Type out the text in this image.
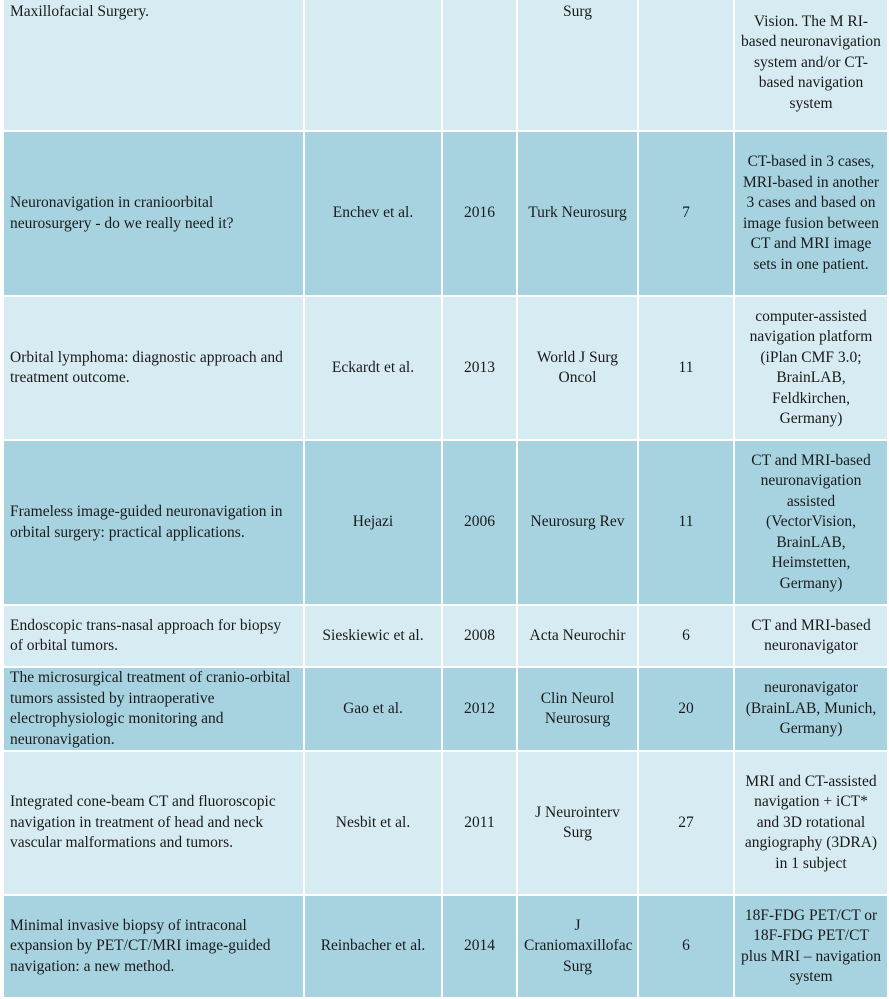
Maxillofacial Surgery.			Surg		Vision. The M RI-based neuronavigation system and/or CT-based navigation system
Neuronavigation in cranioorbital neurosurgery - do we really need it?	Enchev et al.	2016	Turk Neurosurg	7	CT-based in 3 cases, MRI-based in another 3 cases and based on image fusion between CT and MRI image sets in one patient.
Orbital lymphoma: diagnostic approach and treatment outcome.	Eckardt et al.	2013	World J Surg Oncol	11	computer-assisted navigation platform (iPlan CMF 3.0; BrainLAB, Feldkirchen, Germany)
Frameless image-guided neuronavigation in orbital surgery: practical applications.	Hejazi	2006	Neurosurg Rev	11	CT and MRI-based neuronavigation assisted (VectorVision, BrainLAB, Heimstetten, Germany)
Endoscopic trans-nasal approach for biopsy of orbital tumors.	Sieskiewic et al.	2008	Acta Neurochir	6	CT and MRI-based neuronavigator
The microsurgical treatment of cranio-orbital tumors assisted by intraoperative electrophysiologic monitoring and neuronavigation.	Gao et al.	2012	Clin Neurol Neurosurg	20	neuronavigator (BrainLAB, Munich, Germany)
Integrated cone-beam CT and fluoroscopic navigation in treatment of head and neck vascular malformations and tumors.	Nesbit et al.	2011	J Neurointerv Surg	27	MRI and CT-assisted navigation + iCT* and 3D rotational angiography (3DRA) in 1 subject
Minimal invasive biopsy of intraconal expansion by PET/CT/MRI image-guided navigation: a new method.	Reinbacher et al.	2014	J Craniomaxillofac Surg	6	18F-FDG PET/CT or 18F-FDG PET/CT plus MRI – navigation system
